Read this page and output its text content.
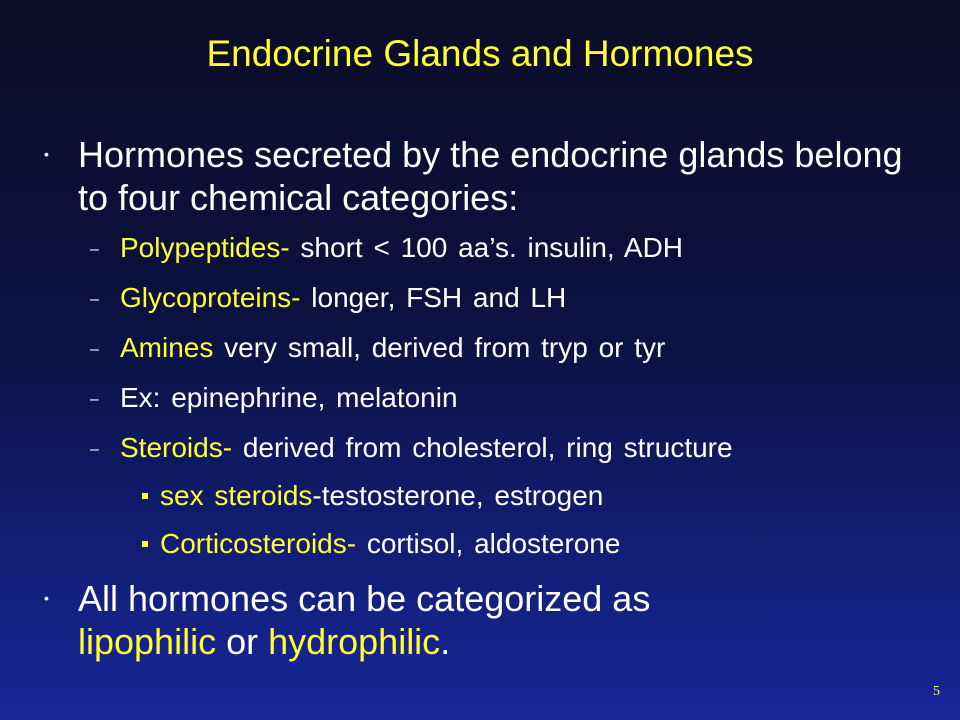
Endocrine Glands and Hormones
• Hormones secreted by the endocrine glands belong to four chemical categories:
– Polypeptides- short < 100 aa’s. insulin, ADH
– Glycoproteins- longer, FSH and LH
– Amines very small, derived from tryp or tyr
– Ex: epinephrine, melatonin
– Steroids- derived from cholesterol, ring structure
sex steroids-testosterone, estrogen
Corticosteroids- cortisol, aldosterone
• All hormones can be categorized as
lipophilic or hydrophilic.
5
